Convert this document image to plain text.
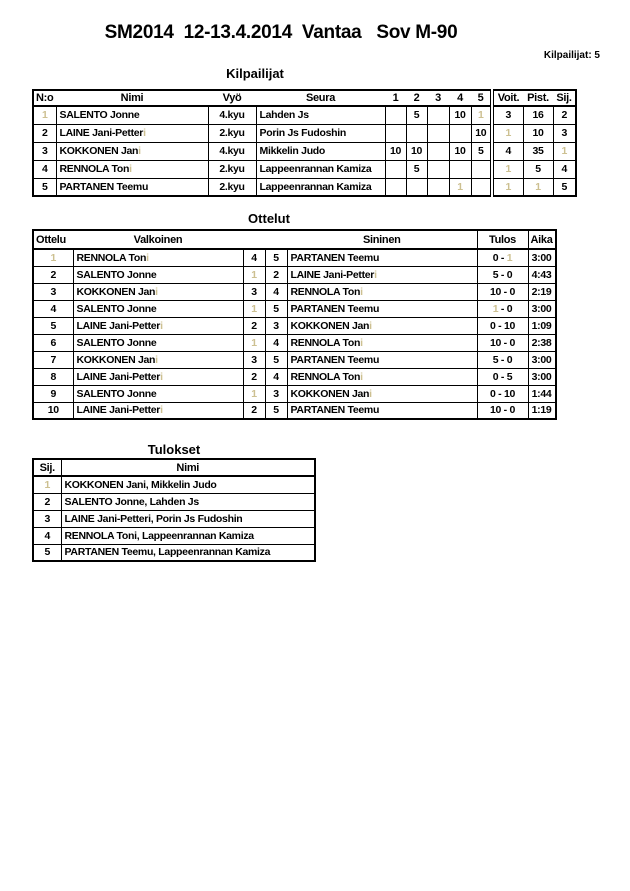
SM2014  12-13.4.2014  Vantaa   Sov M-90
Kilpailijat: 5
Kilpailijat
N:o	Nimi	Vyö	Seura	1	2	3	4	5	Voit.	Pist.	Sij.
1	SALENTO Jonne	4.kyu	Lahden Js		5		10	1	3	16	2
2	LAINE Jani-Petteri	2.kyu	Porin Js Fudoshin					10	1	10	3
3	KOKKONEN Jani	4.kyu	Mikkelin Judo	10	10		10	5	4	35	1
4	RENNOLA Toni	2.kyu	Lappeenrannan Kamiza		5				1	5	4
5	PARTANEN Teemu	2.kyu	Lappeenrannan Kamiza				1		1	1	5
Ottelut
Ottelu	Valkoinen			Sininen	Tulos	Aika
1	RENNOLA Toni	4	5	PARTANEN Teemu	0 - 1	3:00
2	SALENTO Jonne	1	2	LAINE Jani-Petteri	5 - 0	4:43
3	KOKKONEN Jani	3	4	RENNOLA Toni	10 - 0	2:19
4	SALENTO Jonne	1	5	PARTANEN Teemu	1 - 0	3:00
5	LAINE Jani-Petteri	2	3	KOKKONEN Jani	0 - 10	1:09
6	SALENTO Jonne	1	4	RENNOLA Toni	10 - 0	2:38
7	KOKKONEN Jani	3	5	PARTANEN Teemu	5 - 0	3:00
8	LAINE Jani-Petteri	2	4	RENNOLA Toni	0 - 5	3:00
9	SALENTO Jonne	1	3	KOKKONEN Jani	0 - 10	1:44
10	LAINE Jani-Petteri	2	5	PARTANEN Teemu	10 - 0	1:19
Tulokset
Sij.	Nimi
1	KOKKONEN Jani, Mikkelin Judo
2	SALENTO Jonne, Lahden Js
3	LAINE Jani-Petteri, Porin Js Fudoshin
4	RENNOLA Toni, Lappeenrannan Kamiza
5	PARTANEN Teemu, Lappeenrannan Kamiza
